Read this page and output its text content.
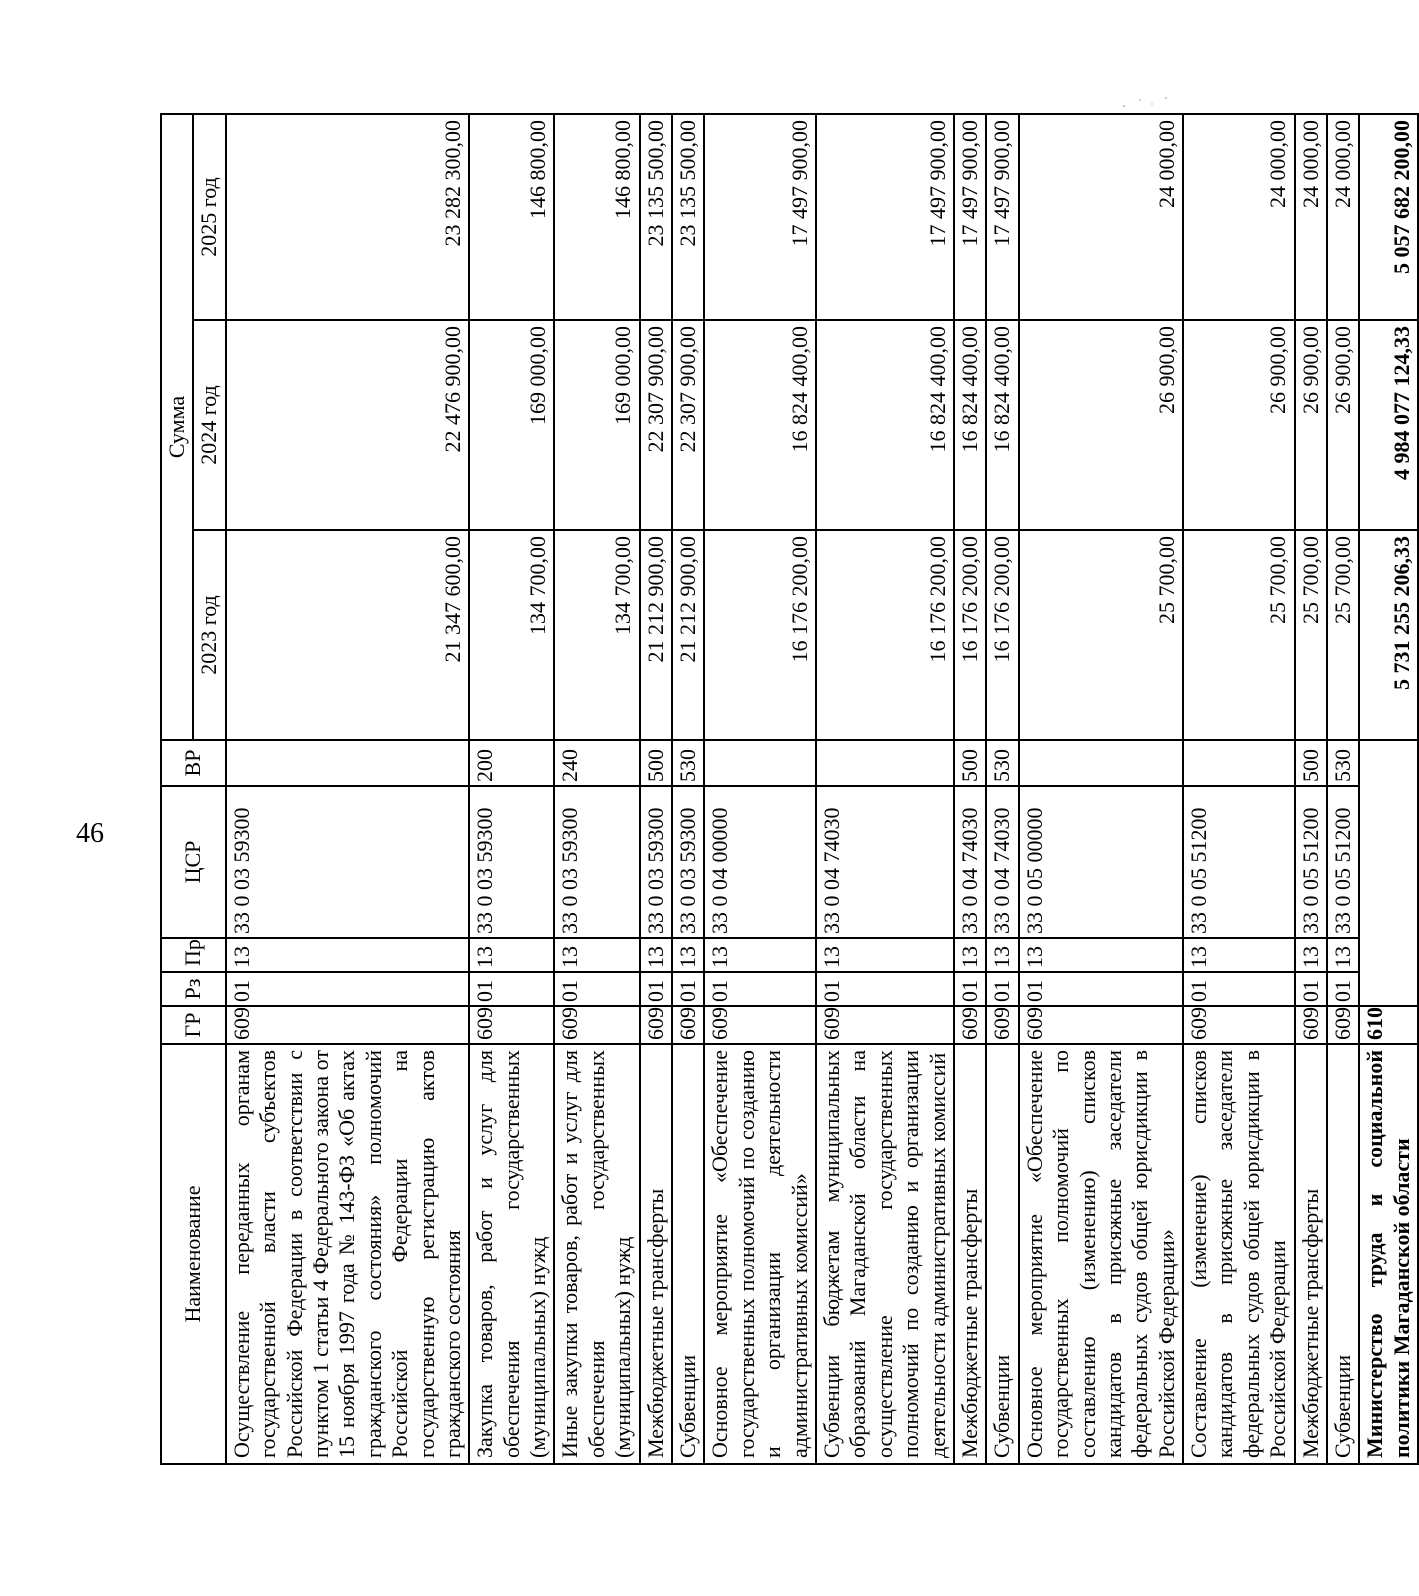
46
Наименование	ГР	Рз	Пр	ЦСР	ВР	Сумма		
						2023 год	2024 год	2025 год
Осуществление переданных органам государственной власти субъектов Российской Федерации в соответствии с пунктом 1 статьи 4 Федерального закона от 15 ноября 1997 года № 143-ФЗ «Об актах гражданского состояния» полномочий Российской Федерации на государственную регистрацию актов гражданского состояния	609	01	13	33 0 03 59300		21 347 600,00	22 476 900,00	23 282 300,00
Закупка товаров, работ и услуг для обеспечения государственных (муниципальных) нужд	609	01	13	33 0 03 59300	200	134 700,00	169 000,00	146 800,00
Иные закупки товаров, работ и услуг для обеспечения государственных (муниципальных) нужд	609	01	13	33 0 03 59300	240	134 700,00	169 000,00	146 800,00
Межбюджетные трансферты	609	01	13	33 0 03 59300	500	21 212 900,00	22 307 900,00	23 135 500,00
Субвенции	609	01	13	33 0 03 59300	530	21 212 900,00	22 307 900,00	23 135 500,00
Основное мероприятие «Обеспечение государственных полномочий по созданию и организации деятельности административных комиссий»	609	01	13	33 0 04 00000		16 176 200,00	16 824 400,00	17 497 900,00
Субвенции бюджетам муниципальных образований Магаданской области на осуществление государственных полномочий по созданию и организации деятельности административных комиссий	609	01	13	33 0 04 74030		16 176 200,00	16 824 400,00	17 497 900,00
Межбюджетные трансферты	609	01	13	33 0 04 74030	500	16 176 200,00	16 824 400,00	17 497 900,00
Субвенции	609	01	13	33 0 04 74030	530	16 176 200,00	16 824 400,00	17 497 900,00
Основное мероприятие «Обеспечение государственных полномочий по составлению (изменению) списков кандидатов в присяжные заседатели федеральных судов общей юрисдикции в Российской Федерации»	609	01	13	33 0 05 00000		25 700,00	26 900,00	24 000,00
Составление (изменение) списков кандидатов в присяжные заседатели федеральных судов общей юрисдикции в Российской Федерации	609	01	13	33 0 05 51200		25 700,00	26 900,00	24 000,00
Межбюджетные трансферты	609	01	13	33 0 05 51200	500	25 700,00	26 900,00	24 000,00
Субвенции	609	01	13	33 0 05 51200	530	25 700,00	26 900,00	24 000,00
Министерство труда и социальной политики Магаданской области	610					5 731 255 206,33	4 984 077 124,33	5 057 682 200,00
